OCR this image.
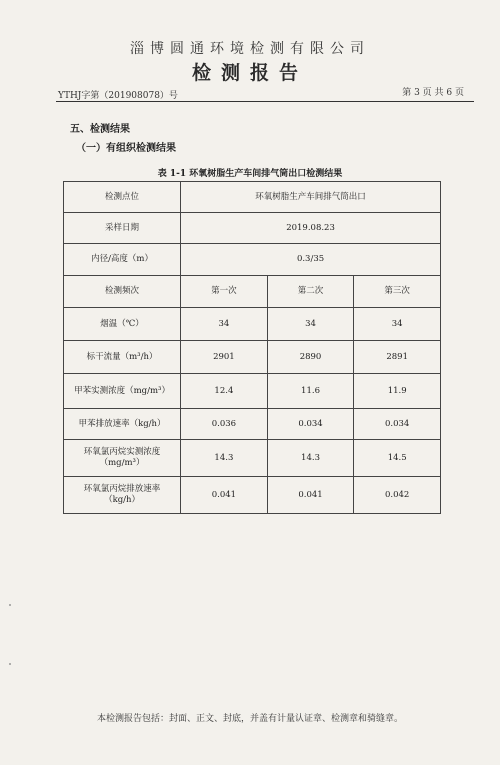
淄博圆通环境检测有限公司
检测报告
YTHJ字第（201908078）号	第 3 页 共 6 页
五、检测结果
（一）有组织检测结果
表 1-1 环氧树脂生产车间排气筒出口检测结果
检测点位	环氧树脂生产车间排气筒出口		
采样日期	2019.08.23		
内径/高度（m）	0.3/35		
检测频次	第一次	第二次	第三次
烟温（℃）	34	34	34
标干流量（m³/h）	2901	2890	2891
甲苯实测浓度（mg/m³）	12.4	11.6	11.9
甲苯排放速率（kg/h）	0.036	0.034	0.034
环氧氯丙烷实测浓度（mg/m³）	14.3	14.3	14.5
环氧氯丙烷排放速率（kg/h）	0.041	0.041	0.042
本检测报告包括：封面、正文、封底，并盖有计量认证章、检测章和骑缝章。
